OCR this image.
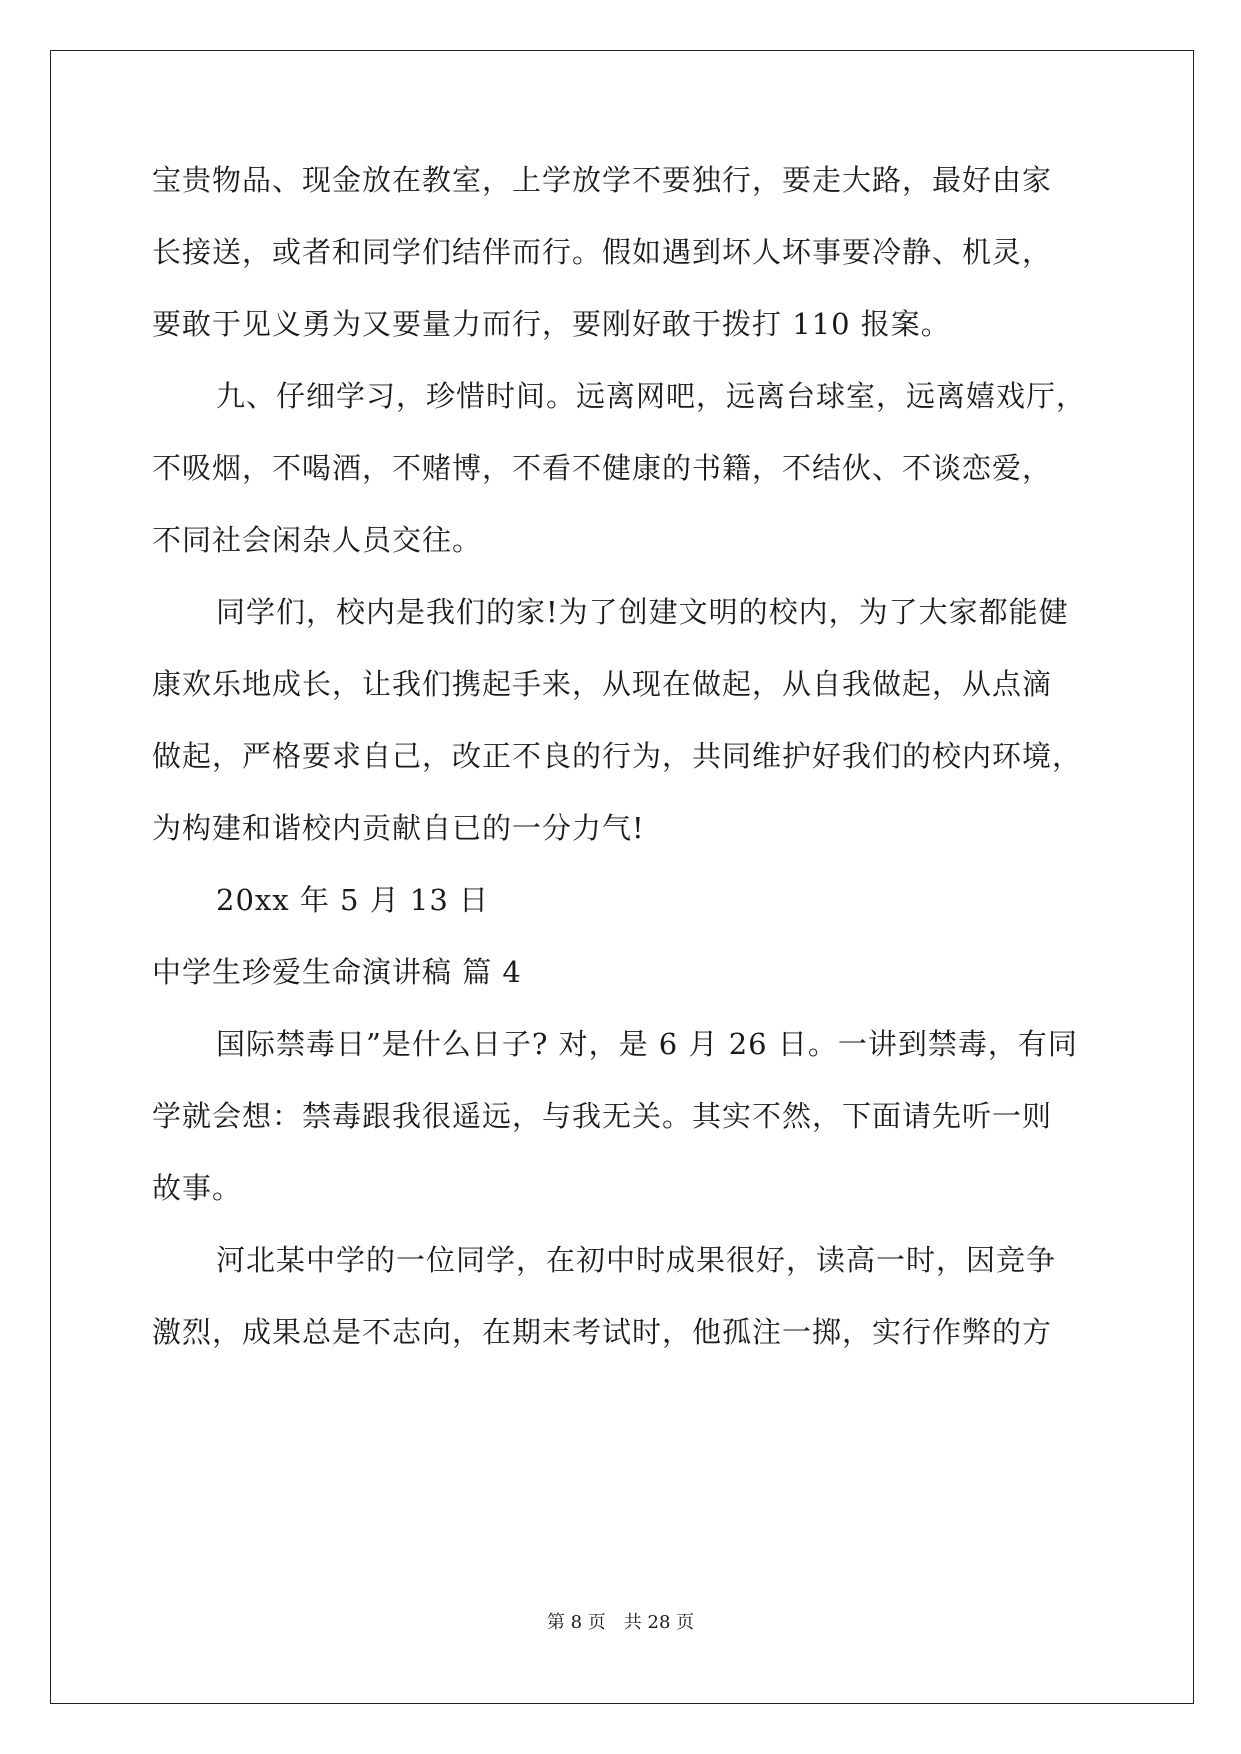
宝贵物品、现金放在教室，上学放学不要独行，要走大路，最好由家
长接送，或者和同学们结伴而行。假如遇到坏人坏事要冷静、机灵，
要敢于见义勇为又要量力而行，要刚好敢于拨打 110 报案。
九、仔细学习，珍惜时间。远离网吧，远离台球室，远离嬉戏厅，
不吸烟，不喝酒，不赌博，不看不健康的书籍，不结伙、不谈恋爱，
不同社会闲杂人员交往。
同学们，校内是我们的家!为了创建文明的校内，为了大家都能健
康欢乐地成长，让我们携起手来，从现在做起，从自我做起，从点滴
做起，严格要求自己，改正不良的行为，共同维护好我们的校内环境，
为构建和谐校内贡献自已的一分力气!
20xx 年 5 月 13 日
中学生珍爱生命演讲稿 篇 4
国际禁毒日”是什么日子? 对，是 6 月 26 日。一讲到禁毒，有同
学就会想：禁毒跟我很遥远，与我无关。其实不然，下面请先听一则
故事。
河北某中学的一位同学，在初中时成果很好，读高一时，因竞争
激烈，成果总是不志向，在期末考试时，他孤注一掷，实行作弊的方
第 8 页　共 28 页
